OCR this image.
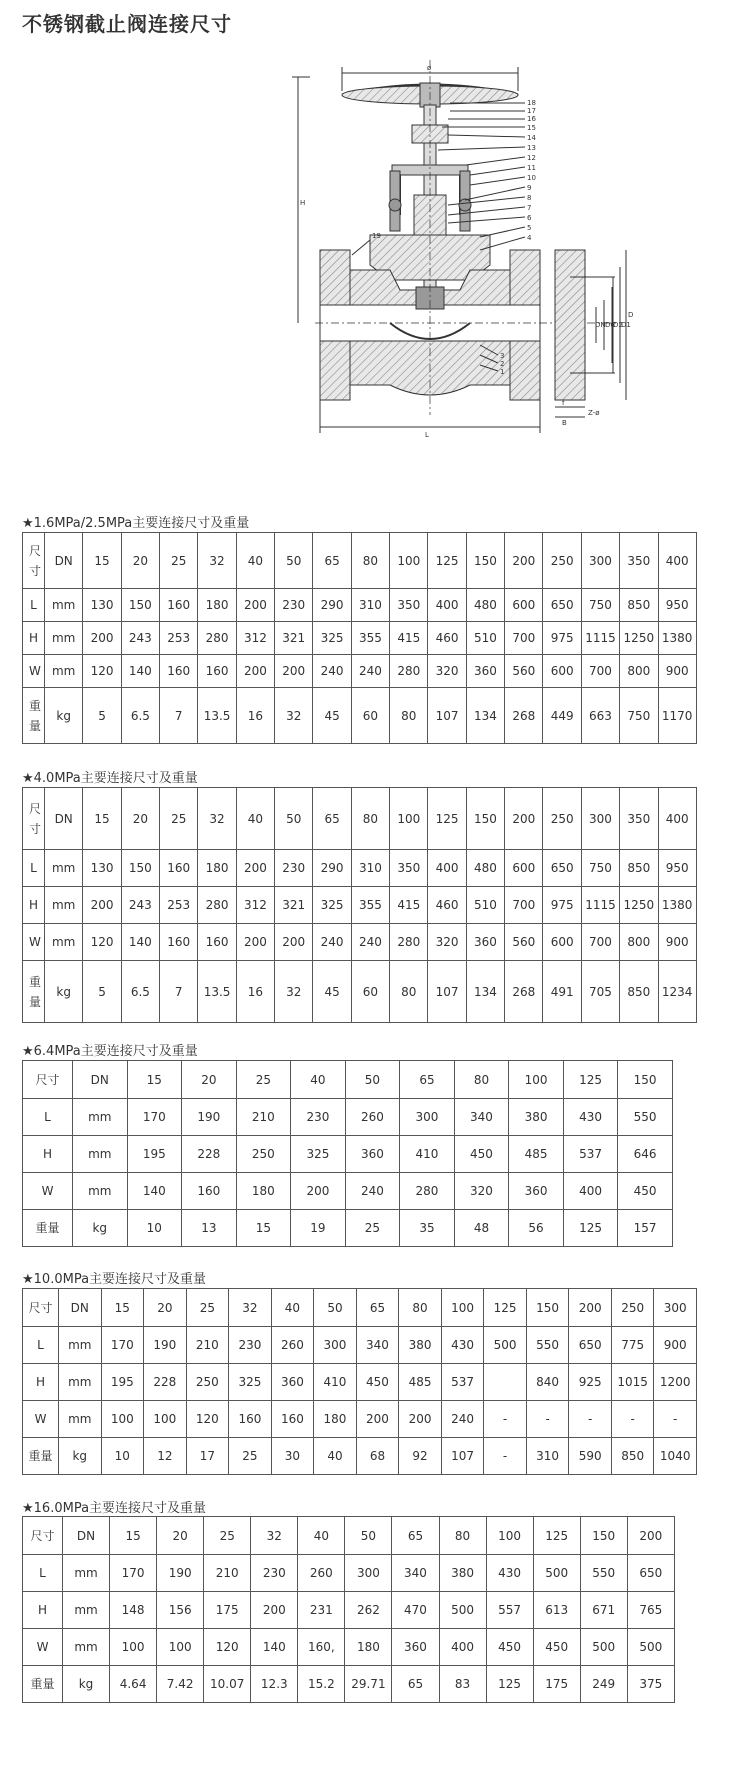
不锈钢截止阀连接尺寸
18
17
16
15
14
13
12
11
10
9
8
7
6
5
4
3
2
1
19
ø
H
L
D
D1
D2
D6
DN
f
B
Z-ø
★1.6MPa/2.5MPa主要连接尺寸及重量
尺寸	DN	15	20	25	32	40	50	65	80	100	125	150	200	250	300	350	400
L	mm	130	150	160	180	200	230	290	310	350	400	480	600	650	750	850	950
H	mm	200	243	253	280	312	321	325	355	415	460	510	700	975	1115	1250	1380
W	mm	120	140	160	160	200	200	240	240	280	320	360	560	600	700	800	900
重量	kg	5	6.5	7	13.5	16	32	45	60	80	107	134	268	449	663	750	1170
★4.0MPa主要连接尺寸及重量
尺寸	DN	15	20	25	32	40	50	65	80	100	125	150	200	250	300	350	400
L	mm	130	150	160	180	200	230	290	310	350	400	480	600	650	750	850	950
H	mm	200	243	253	280	312	321	325	355	415	460	510	700	975	1115	1250	1380
W	mm	120	140	160	160	200	200	240	240	280	320	360	560	600	700	800	900
重量	kg	5	6.5	7	13.5	16	32	45	60	80	107	134	268	491	705	850	1234
★6.4MPa主要连接尺寸及重量
尺寸	DN	15	20	25	40	50	65	80	100	125	150
L	mm	170	190	210	230	260	300	340	380	430	550
H	mm	195	228	250	325	360	410	450	485	537	646
W	mm	140	160	180	200	240	280	320	360	400	450
重量	kg	10	13	15	19	25	35	48	56	125	157
★10.0MPa主要连接尺寸及重量
尺寸	DN	15	20	25	32	40	50	65	80	100	125	150	200	250	300
L	mm	170	190	210	230	260	300	340	380	430	500	550	650	775	900
H	mm	195	228	250	325	360	410	450	485	537		840	925	1015	1200
W	mm	100	100	120	160	160	180	200	200	240	-	-	-	-	-
重量	kg	10	12	17	25	30	40	68	92	107	-	310	590	850	1040
★16.0MPa主要连接尺寸及重量
尺寸	DN	15	20	25	32	40	50	65	80	100	125	150	200
L	mm	170	190	210	230	260	300	340	380	430	500	550	650
H	mm	148	156	175	200	231	262	470	500	557	613	671	765
W	mm	100	100	120	140	160,	180	360	400	450	450	500	500
重量	kg	4.64	7.42	10.07	12.3	15.2	29.71	65	83	125	175	249	375
